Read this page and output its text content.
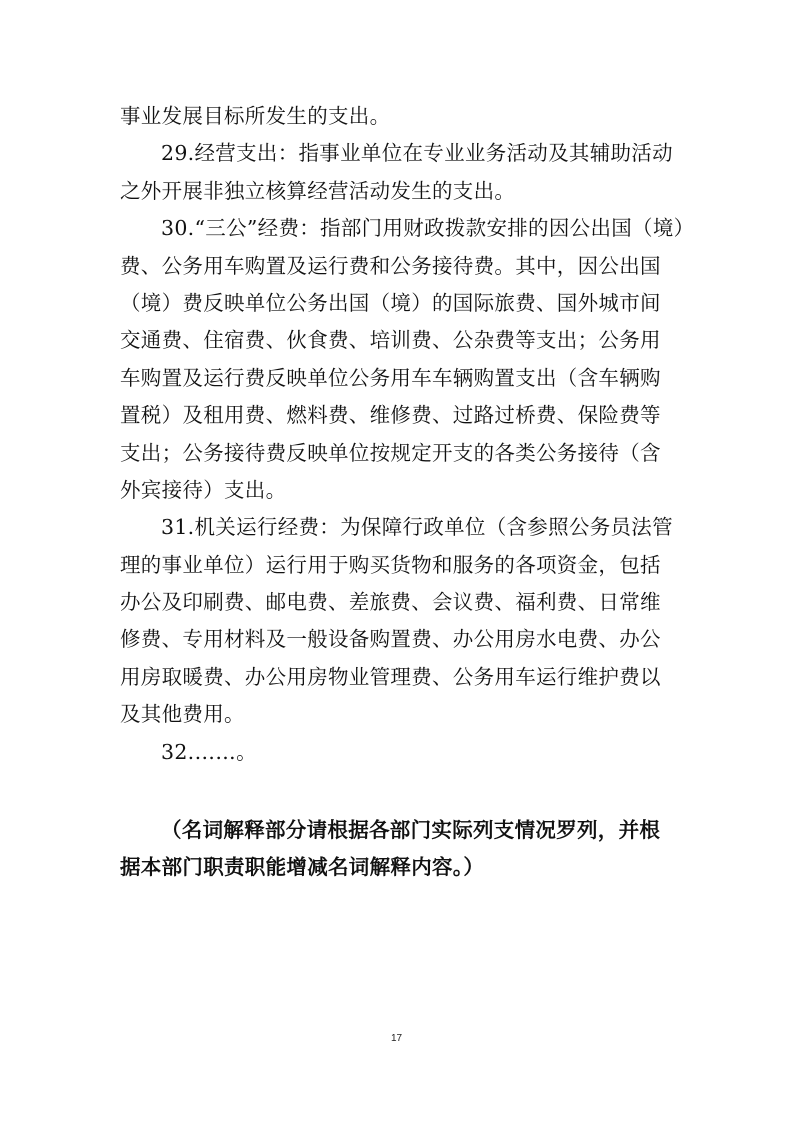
事业发展目标所发生的支出。
29.经营支出：指事业单位在专业业务活动及其辅助活动
之外开展非独立核算经营活动发生的支出。
30.“三公”经费：指部门用财政拨款安排的因公出国（境）
费、公务用车购置及运行费和公务接待费。其中，因公出国
（境）费反映单位公务出国（境）的国际旅费、国外城市间
交通费、住宿费、伙食费、培训费、公杂费等支出；公务用
车购置及运行费反映单位公务用车车辆购置支出（含车辆购
置税）及租用费、燃料费、维修费、过路过桥费、保险费等
支出；公务接待费反映单位按规定开支的各类公务接待（含
外宾接待）支出。
31.机关运行经费：为保障行政单位（含参照公务员法管
理的事业单位）运行用于购买货物和服务的各项资金，包括
办公及印刷费、邮电费、差旅费、会议费、福利费、日常维
修费、专用材料及一般设备购置费、办公用房水电费、办公
用房取暖费、办公用房物业管理费、公务用车运行维护费以
及其他费用。
32.……。
（名词解释部分请根据各部门实际列支情况罗列，并根
据本部门职责职能增减名词解释内容。）
17
